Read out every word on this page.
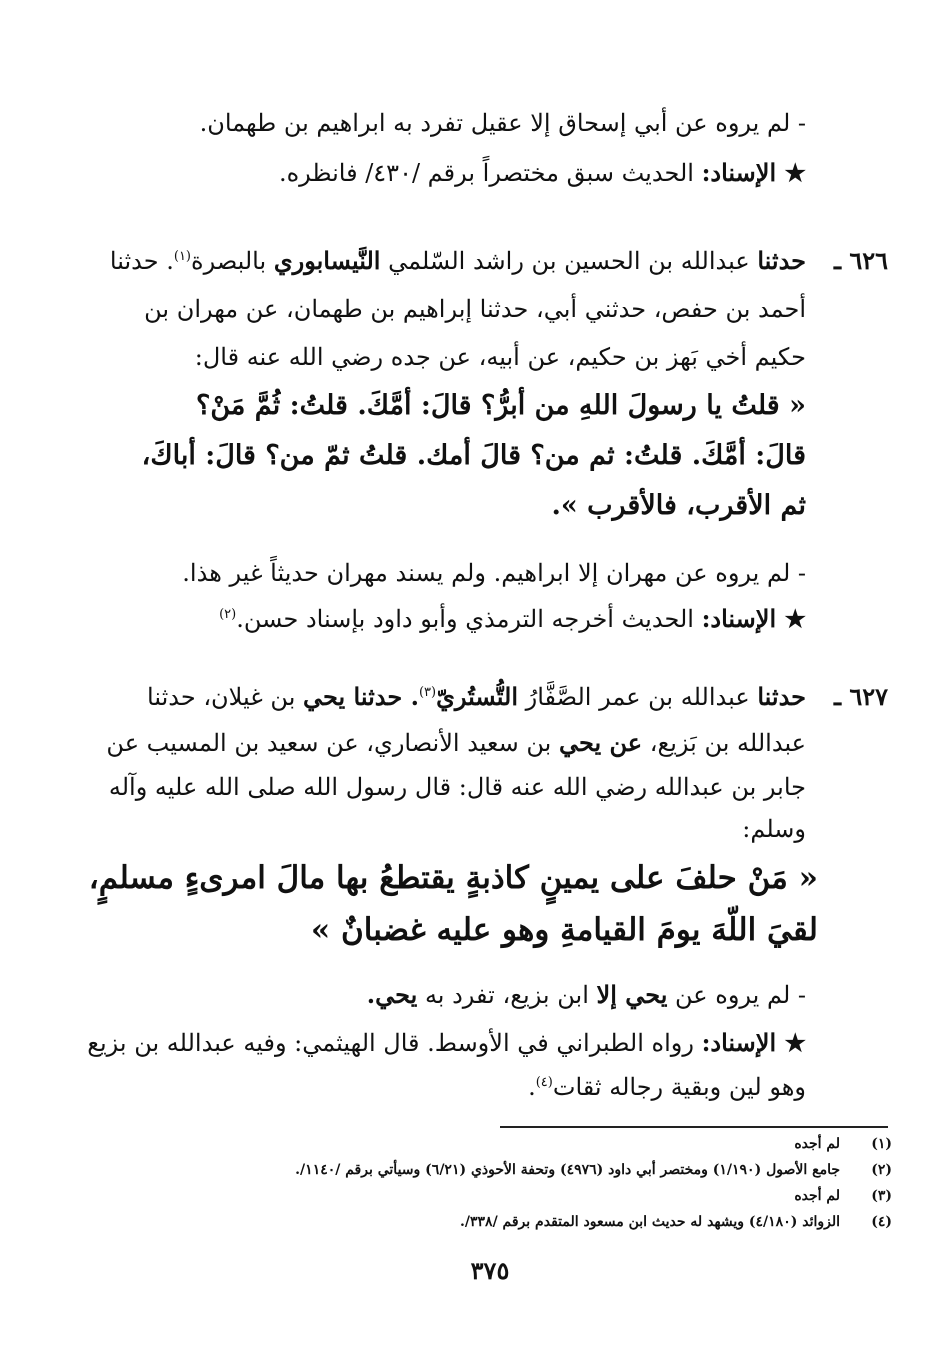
- لم يروه عن أبي إسحاق إلا عقيل تفرد به ابراهيم بن طهمان.
★ الإسناد: الحديث سبق مختصراً برقم /٤٣٠/ فانظره.
٦٢٦ ـ
حدثنا عبدالله بن الحسين بن راشد السّلمي النَّيسابوري بالبصرة$^{(١)}$. حدثنا
أحمد بن حفص، حدثني أبي، حدثنا إبراهيم بن طهمان، عن مهران بن
حكيم أخي بَهز بن حكيم، عن أبيه، عن جده رضي الله عنه قال:
« قلتُ يا رسولَ اللهِ من أبرُّ؟ قالَ: أمَّكَ. قلتُ: ثُمَّ مَنْ؟
قالَ: أمَّكَ. قلتُ: ثم من؟ قالَ أمك. قلتُ ثمّ من؟ قالَ: أباكَ،
ثم الأقرب، فالأقرب ».
- لم يروه عن مهران إلا ابراهيم. ولم يسند مهران حديثاً غير هذا.
★ الإسناد: الحديث أخرجه الترمذي وأبو داود بإسناد حسن.$^{(٢)}$
٦٢٧ ـ
حدثنا عبدالله بن عمر الصَّفَّارُ التُّستُريّ$^{(٣)}$. حدثنا يحي بن غيلان، حدثنا
عبدالله بن بَزيع، عن يحي بن سعيد الأنصاري، عن سعيد بن المسيب عن
جابر بن عبدالله رضي الله عنه قال: قال رسول الله صلى الله عليه وآله
وسلم:
« مَنْ حلفَ على يمينٍ كاذبةٍ يقتطعُ بها مالَ امرىءٍ مسلمٍ،
لقيَ اللّهَ يومَ القيامةِ وهو عليه غضبانٌ »
- لم يروه عن يحي إلا ابن بزيع، تفرد به يحي.
★ الإسناد: رواه الطبراني في الأوسط. قال الهيثمي: وفيه عبدالله بن بزيع
وهو لين وبقية رجاله ثقات$^{(٤)}$.
(١)
لم أجده
(٢)
جامع الأصول (١/١٩٠) ومختصر أبي داود (٤٩٧٦) وتحفة الأحوذي (٦/٢١) وسيأتي برقم /١١٤٠/.
(٣)
لم أجده
(٤)
الزوائد (٤/١٨٠) ويشهد له حديث ابن مسعود المتقدم برقم /٣٣٨/.
٣٧٥
